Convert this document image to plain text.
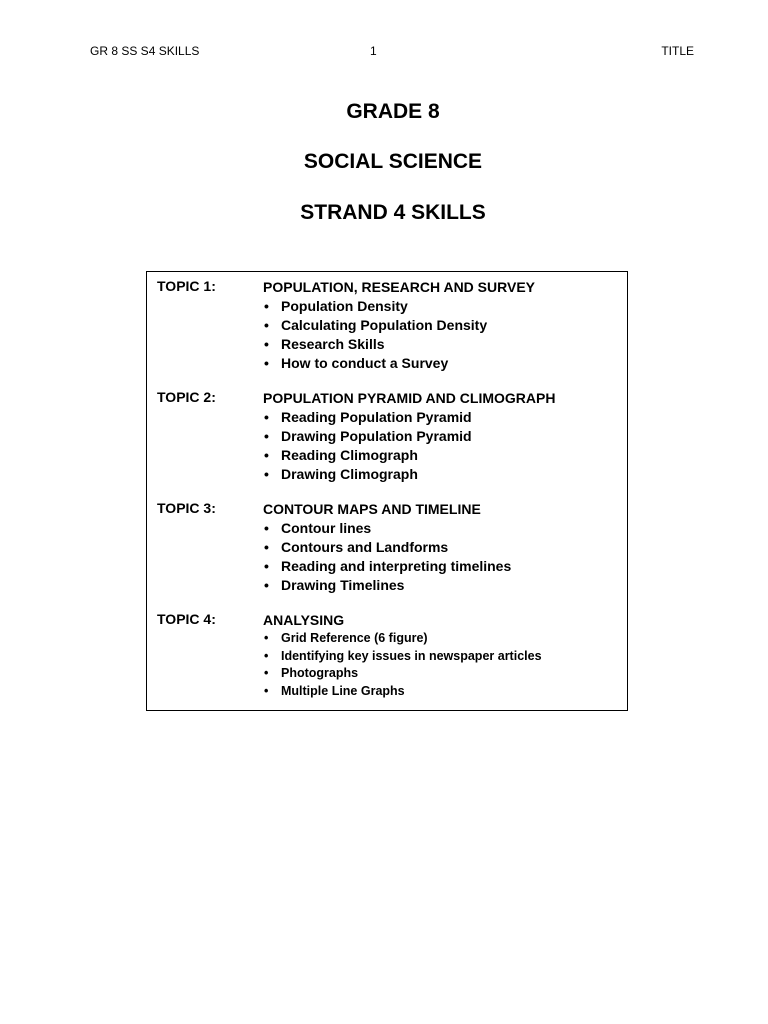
GR 8 SS S4 SKILLS	1	TITLE
GRADE 8
SOCIAL SCIENCE
STRAND 4 SKILLS
TOPIC 1:	POPULATION, RESEARCH AND SURVEY
• Population Density
• Calculating Population Density
• Research Skills
• How to conduct a Survey
TOPIC 2:	POPULATION PYRAMID AND CLIMOGRAPH
• Reading Population Pyramid
• Drawing Population Pyramid
• Reading Climograph
• Drawing Climograph
TOPIC 3:	CONTOUR MAPS AND TIMELINE
• Contour lines
• Contours and Landforms
• Reading and interpreting timelines
• Drawing Timelines
TOPIC 4:	ANALYSING
• Grid Reference (6 figure)
• Identifying key issues in newspaper articles
• Photographs
• Multiple Line Graphs
